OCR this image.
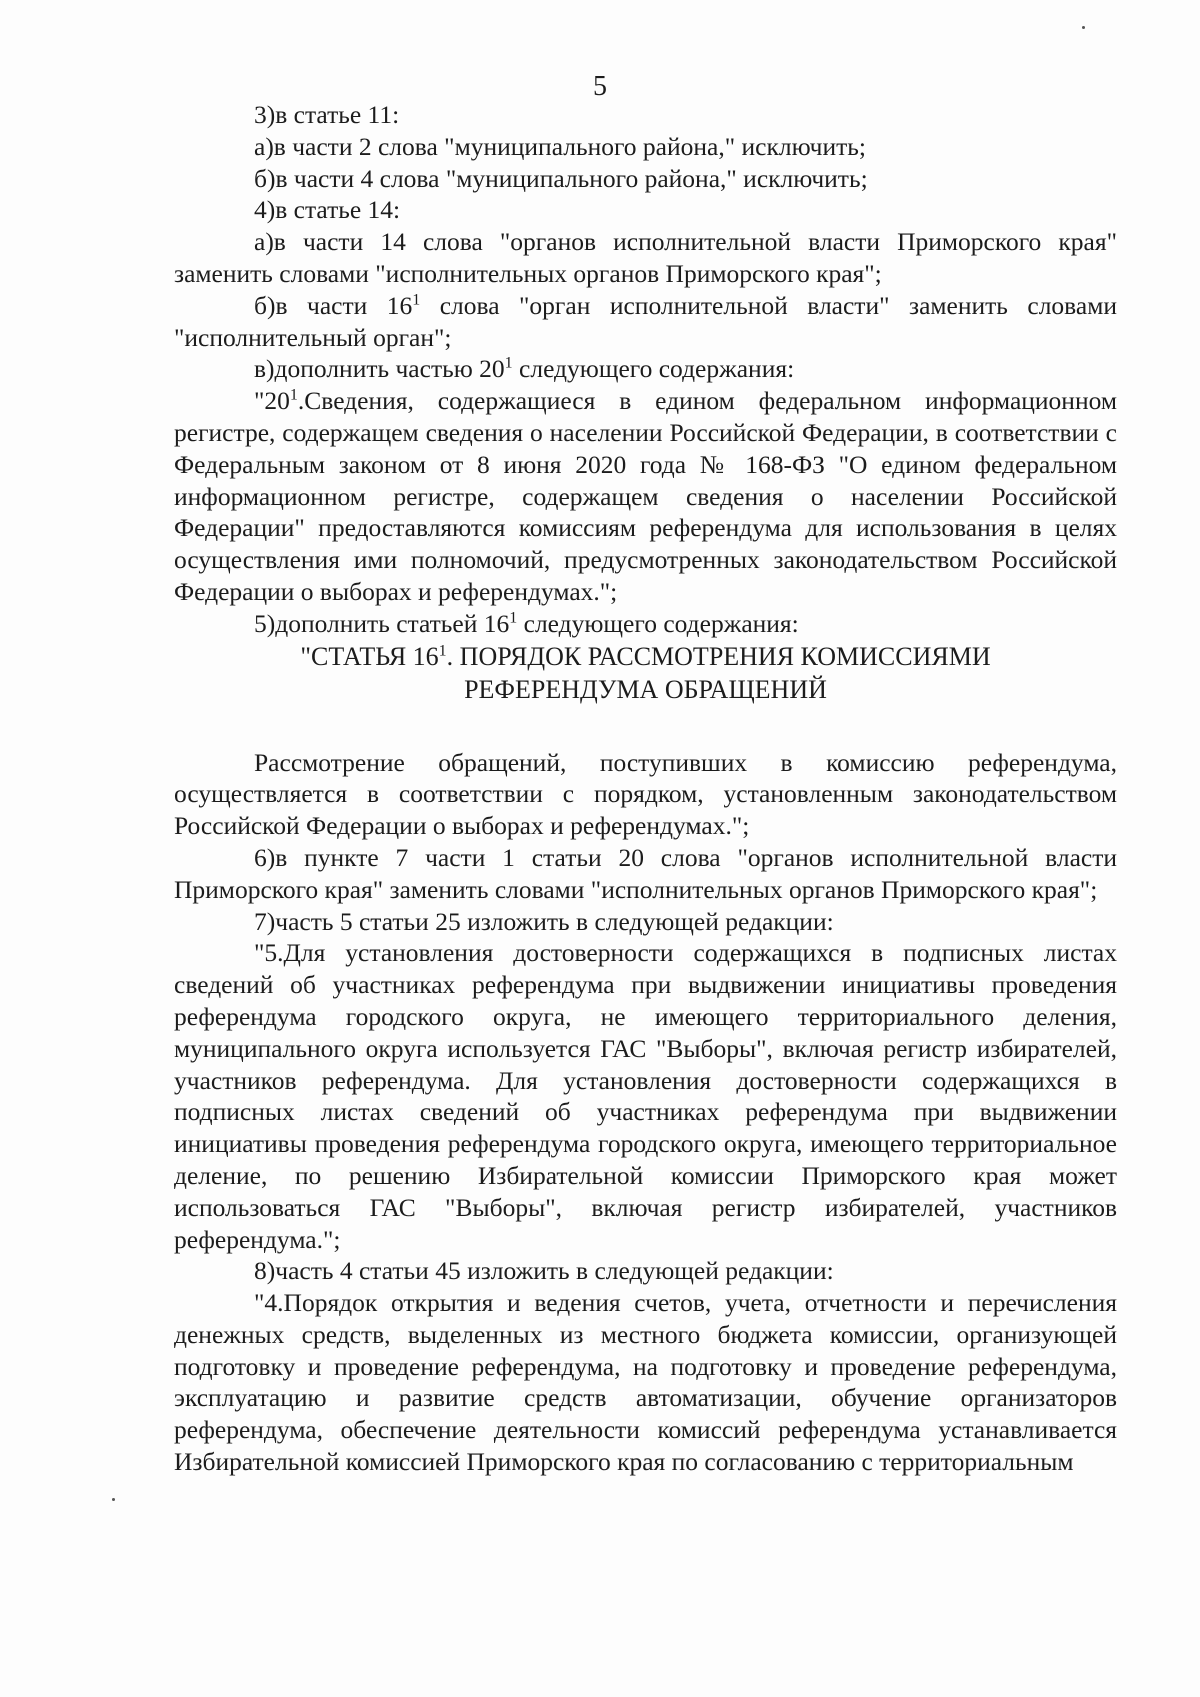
5

3)в статье 11:

а)в части 2 слова "муниципального района," исключить;

б)в части 4 слова "муниципального района," исключить;

4)в статье 14:

а)в части 14 слова "органов исполнительной власти Приморского края" заменить словами "исполнительных органов Приморского края";

б)в части $16^1$ слова "орган исполнительной власти" заменить словами "исполнительный орган";

в)дополнить частью $20^1$ следующего содержания:

"$20^1.Сведения$, содержащиеся в едином федеральном информационном регистре, содержащем сведения о населении Российской Федерации, в соответствии с Федеральным законом от 8 июня 2020 года № 168-ФЗ "О едином федеральном информационном регистре, содержащем сведения о населении Российской Федерации" предоставляются комиссиям референдума для использования в целях осуществления ими полномочий, предусмотренных законодательством Российской Федерации о выборах и референдумах.";

5)дополнить статьей $16^1$ следующего содержания:

"СТАТЬЯ $16^1$. ПОРЯДОК РАССМОТРЕНИЯ КОМИССИЯМИ

РЕФЕРЕНДУМА ОБРАЩЕНИЙ

Рассмотрение обращений, поступивших в комиссию референдума, осуществляется в соответствии с порядком, установленным законодательством Российской Федерации о выборах и референдумах.";

6)в пункте 7 части 1 статьи 20 слова "органов исполнительной власти Приморского края" заменить словами "исполнительных органов Приморского края";

7)часть 5 статьи 25 изложить в следующей редакции:

"5.Для установления достоверности содержащихся в подписных листах сведений об участниках референдума при выдвижении инициативы проведения референдума городского округа, не имеющего территориального деления, муниципального округа используется ГАС "Выборы", включая регистр избирателей, участников референдума. Для установления достоверности содержащихся в подписных листах сведений об участниках референдума при выдвижении инициативы проведения референдума городского округа, имеющего территориальное деление, по решению Избирательной комиссии Приморского края может использоваться ГАС "Выборы", включая регистр избирателей, участников референдума.";

8)часть 4 статьи 45 изложить в следующей редакции:

"4.Порядок открытия и ведения счетов, учета, отчетности и перечисления денежных средств, выделенных из местного бюджета комиссии, организующей подготовку и проведение референдума, на подготовку и проведение референдума, эксплуатацию и развитие средств автоматизации, обучение организаторов референдума, обеспечение деятельности комиссий референдума устанавливается Избирательной комиссией Приморского края по согласованию с территориальным
